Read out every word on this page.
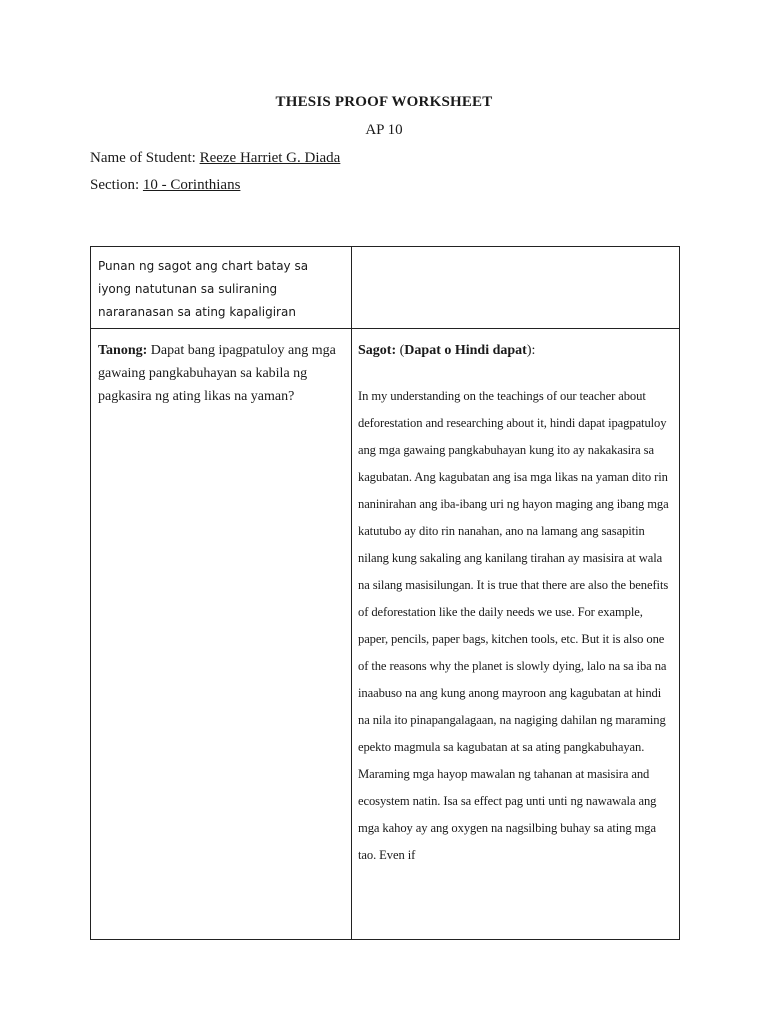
THESIS PROOF WORKSHEET
AP 10
Name of Student: Reeze Harriet G. Diada
Section: 10 - Corinthians
Punan ng sagot ang chart batay sa iyong natutunan sa suliraning nararanasan sa ating kapaligiran	

Tanong: Dapat bang ipagpatuloy ang mga gawaing pangkabuhayan sa kabila ng pagkasira ng ating likas na yaman?	Sagot: (Dapat o Hindi dapat):
In my understanding on the teachings of our teacher about deforestation and researching about it, hindi dapat ipagpatuloy ang mga gawaing pangkabuhayan kung ito ay nakakasira sa kagubatan. Ang kagubatan ang isa mga likas na yaman dito rin naninirahan ang iba-ibang uri ng hayon maging ang ibang mga katutubo ay dito rin nanahan, ano na lamang ang sasapitin nilang kung sakaling ang kanilang tirahan ay masisira at wala na silang masisilungan. It is true that there are also the benefits of deforestation like the daily needs we use. For example, paper, pencils, paper bags, kitchen tools, etc. But it is also one of the reasons why the planet is slowly dying, lalo na sa iba na inaabuso na ang kung anong mayroon ang kagubatan at hindi na nila ito pinapangalagaan, na nagiging dahilan ng maraming epekto magmula sa kagubatan at sa ating pangkabuhayan. Maraming mga hayop mawalan ng tahanan at masisira and ecosystem natin. Isa sa effect pag unti unti ng nawawala ang mga kahoy ay ang oxygen na nagsilbing buhay sa ating mga tao. Even if
